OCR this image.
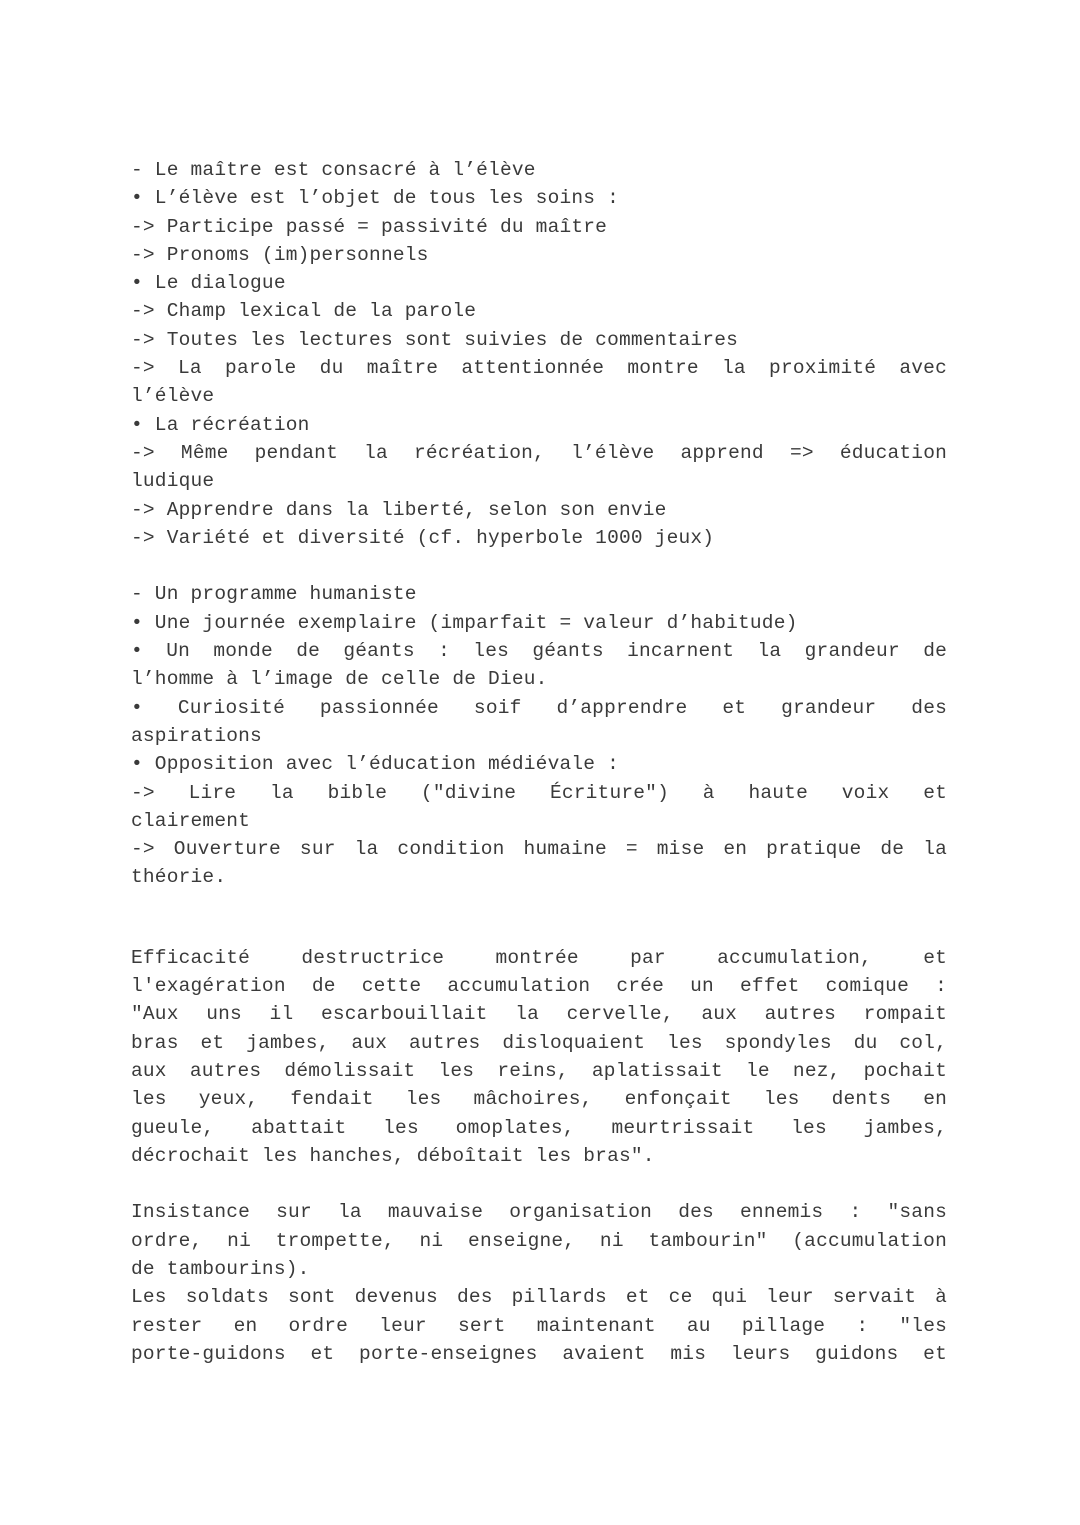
- Le maître est consacré à l’élève
• L’élève est l’objet de tous les soins :
-> Participe passé = passivité du maître
-> Pronoms (im)personnels
• Le dialogue
-> Champ lexical de la parole
-> Toutes les lectures sont suivies de commentaires
-> La parole du maître attentionnée montre la proximité avec
l’élève
• La récréation
-> Même pendant la récréation, l’élève apprend => éducation
ludique
-> Apprendre dans la liberté, selon son envie
-> Variété et diversité (cf. hyperbole 1000 jeux)
- Un programme humaniste
• Une journée exemplaire (imparfait = valeur d’habitude)
• Un monde de géants : les géants incarnent la grandeur de
l’homme à l’image de celle de Dieu.
• Curiosité passionnée soif d’apprendre et grandeur des
aspirations
• Opposition avec l’éducation médiévale :
-> Lire la bible ("divine Écriture") à haute voix et
clairement
-> Ouverture sur la condition humaine = mise en pratique de la
théorie.
Efficacité destructrice montrée par accumulation, et
l'exagération de cette accumulation crée un effet comique :
"Aux uns il escarbouillait la cervelle, aux autres rompait
bras et jambes, aux autres disloquaient les spondyles du col,
aux autres démolissait les reins, aplatissait le nez, pochait
les yeux, fendait les mâchoires, enfonçait les dents en
gueule, abattait les omoplates, meurtrissait les jambes,
décrochait les hanches, déboîtait les bras".
Insistance sur la mauvaise organisation des ennemis : "sans
ordre, ni trompette, ni enseigne, ni tambourin" (accumulation
de tambourins).
Les soldats sont devenus des pillards et ce qui leur servait à
rester en ordre leur sert maintenant au pillage : "les
porte-guidons et porte-enseignes avaient mis leurs guidons et
